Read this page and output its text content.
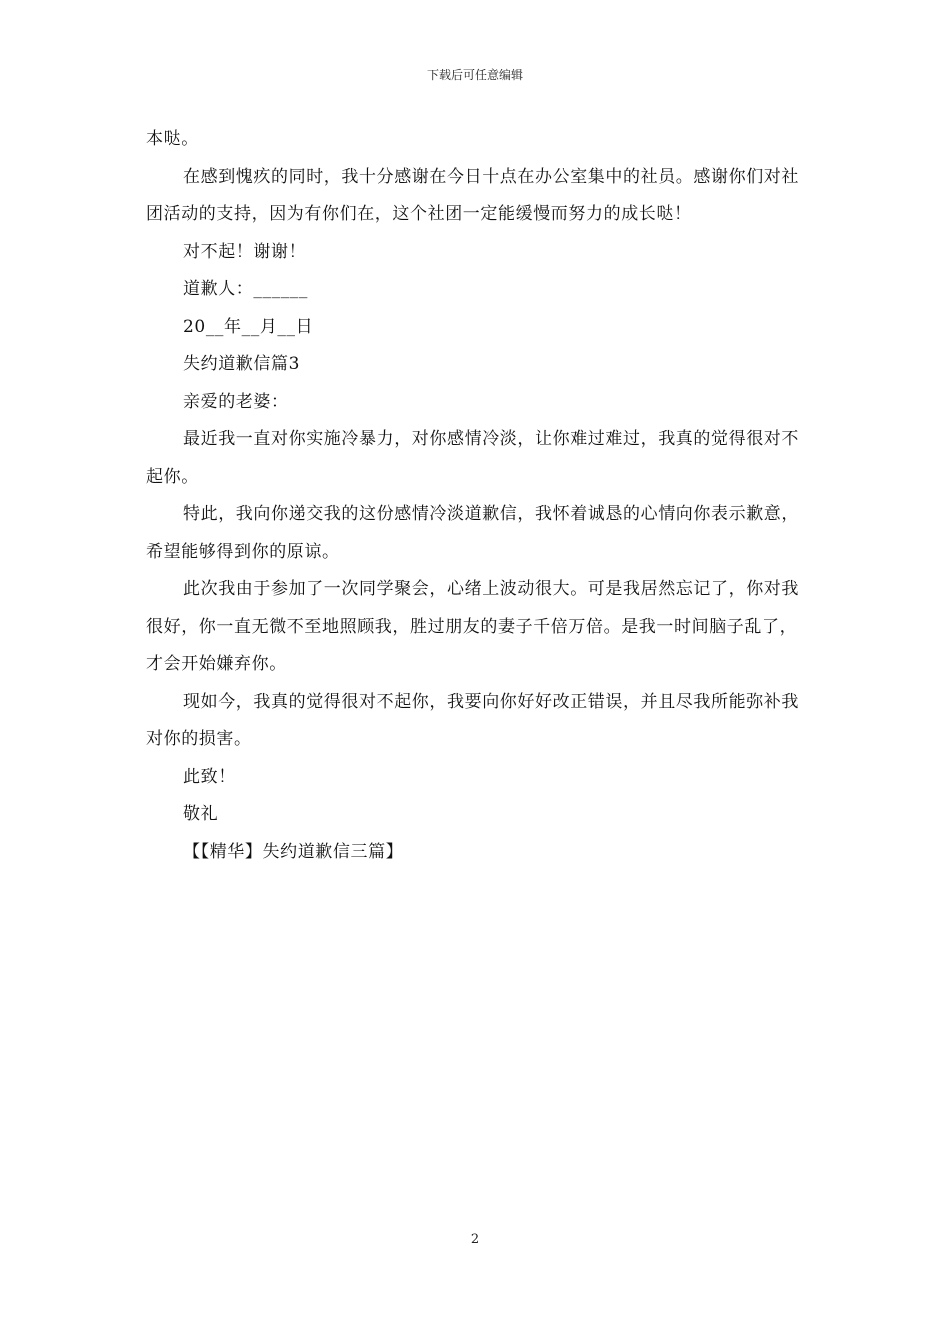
下载后可任意编辑

本哒。

在感到愧疚的同时，我十分感谢在今日十点在办公室集中的社员。感谢你们对社团活动的支持，因为有你们在，这个社团一定能缓慢而努力的成长哒！

对不起！谢谢！

道歉人：______

20__年__月__日

失约道歉信篇3

亲爱的老婆：

最近我一直对你实施冷暴力，对你感情冷淡，让你难过难过，我真的觉得很对不起你。

特此，我向你递交我的这份感情冷淡道歉信，我怀着诚恳的心情向你表示歉意，希望能够得到你的原谅。

此次我由于参加了一次同学聚会，心绪上波动很大。可是我居然忘记了，你对我很好，你一直无微不至地照顾我，胜过朋友的妻子千倍万倍。是我一时间脑子乱了，才会开始嫌弃你。

现如今，我真的觉得很对不起你，我要向你好好改正错误，并且尽我所能弥补我对你的损害。

此致！

敬礼

【【精华】失约道歉信三篇】

2
